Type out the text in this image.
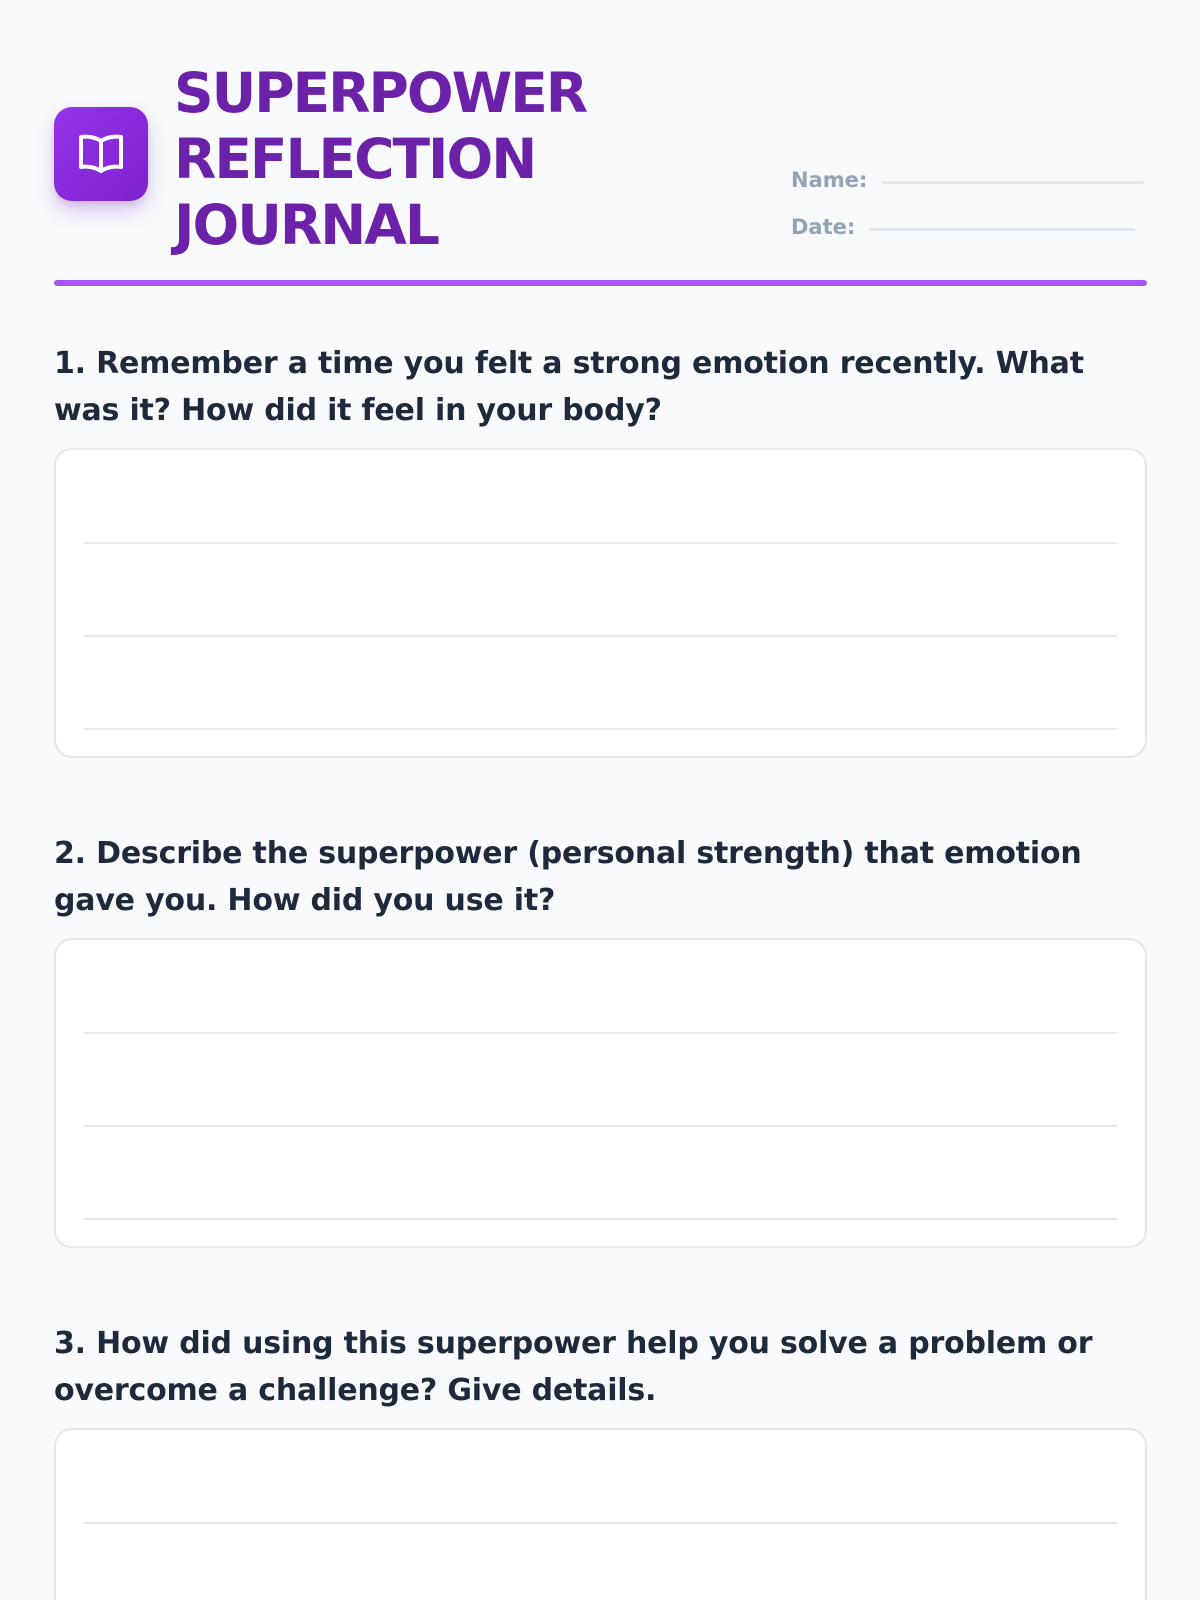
SUPERPOWER
REFLECTION
JOURNAL
Name:
Date:

1. Remember a time you felt a strong emotion recently. What was it? How did it feel in your body?

2. Describe the superpower (personal strength) that emotion gave you. How did you use it?

3. How did using this superpower help you solve a problem or overcome a challenge? Give details.
